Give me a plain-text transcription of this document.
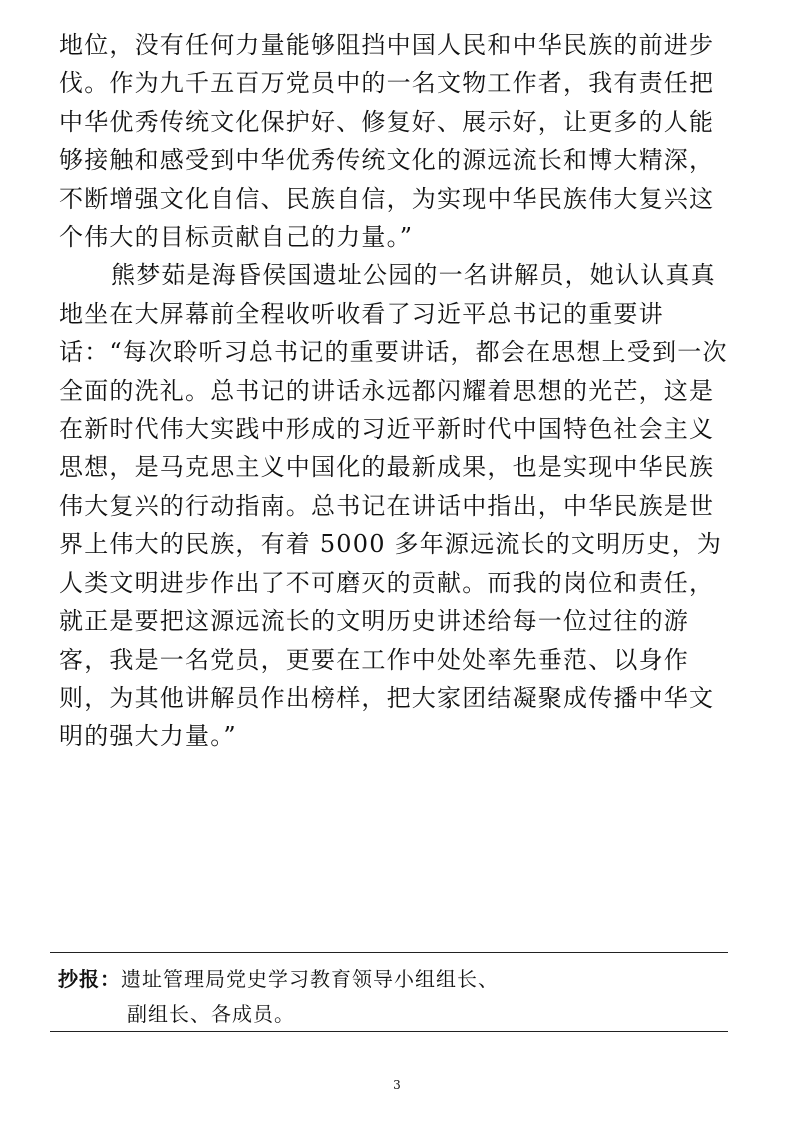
地位，没有任何力量能够阻挡中国人民和中华民族的前进步伐。作为九千五百万党员中的一名文物工作者，我有责任把中华优秀传统文化保护好、修复好、展示好，让更多的人能够接触和感受到中华优秀传统文化的源远流长和博大精深，不断增强文化自信、民族自信，为实现中华民族伟大复兴这个伟大的目标贡献自己的力量。”

熊梦茹是海昏侯国遗址公园的一名讲解员，她认认真真地坐在大屏幕前全程收听收看了习近平总书记的重要讲话：“每次聆听习总书记的重要讲话，都会在思想上受到一次全面的洗礼。总书记的讲话永远都闪耀着思想的光芒，这是在新时代伟大实践中形成的习近平新时代中国特色社会主义思想，是马克思主义中国化的最新成果，也是实现中华民族伟大复兴的行动指南。总书记在讲话中指出，中华民族是世界上伟大的民族，有着 5000 多年源远流长的文明历史，为人类文明进步作出了不可磨灭的贡献。而我的岗位和责任，就正是要把这源远流长的文明历史讲述给每一位过往的游客，我是一名党员，更要在工作中处处率先垂范、以身作则，为其他讲解员作出榜样，把大家团结凝聚成传播中华文明的强大力量。”

抄报：遗址管理局党史学习教育领导小组组长、
副组长、各成员。
3
